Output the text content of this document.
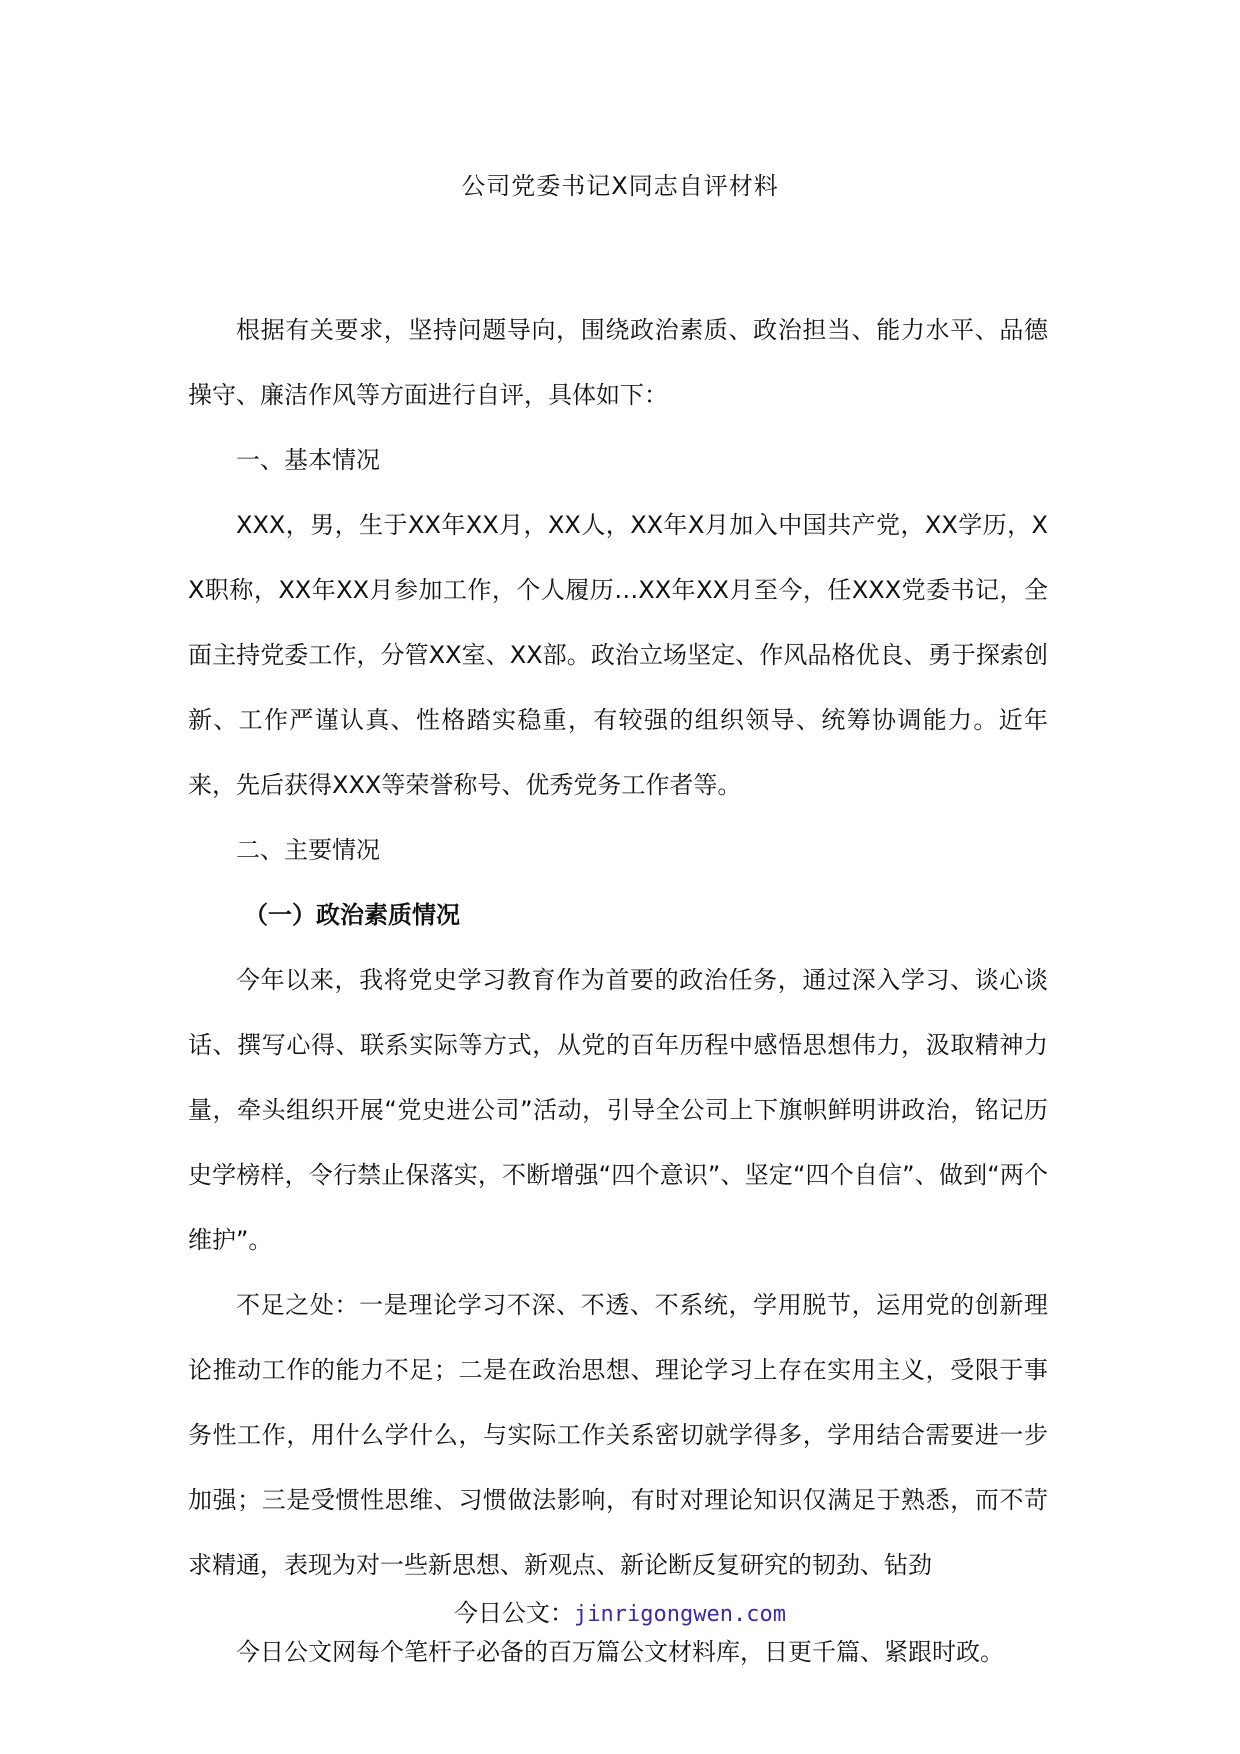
公司党委书记X同志自评材料

根据有关要求，坚持问题导向，围绕政治素质、政治担当、能力水平、品德操守、廉洁作风等方面进行自评，具体如下：

一、基本情况

XXX，男，生于XX年XX月，XX人，XX年X月加入中国共产党，XX学历，XX职称，XX年XX月参加工作，个人履历…XX年XX月至今，任XXX党委书记，全面主持党委工作，分管XX室、XX部。政治立场坚定、作风品格优良、勇于探索创新、工作严谨认真、性格踏实稳重，有较强的组织领导、统筹协调能力。近年来，先后获得XXX等荣誉称号、优秀党务工作者等。

二、主要情况

（一）政治素质情况

今年以来，我将党史学习教育作为首要的政治任务，通过深入学习、谈心谈话、撰写心得、联系实际等方式，从党的百年历程中感悟思想伟力，汲取精神力量，牵头组织开展“党史进公司”活动，引导全公司上下旗帜鲜明讲政治，铭记历史学榜样，令行禁止保落实，不断增强“四个意识”、坚定“四个自信”、做到“两个维护”。

不足之处：一是理论学习不深、不透、不系统，学用脱节，运用党的创新理论推动工作的能力不足；二是在政治思想、理论学习上存在实用主义，受限于事务性工作，用什么学什么，与实际工作关系密切就学得多，学用结合需要进一步加强；三是受惯性思维、习惯做法影响，有时对理论知识仅满足于熟悉，而不苛求精通，表现为对一些新思想、新观点、新论断反复研究的韧劲、钻劲

今日公文：jinrigongwen.com
今日公文网每个笔杆子必备的百万篇公文材料库，日更千篇、紧跟时政。
